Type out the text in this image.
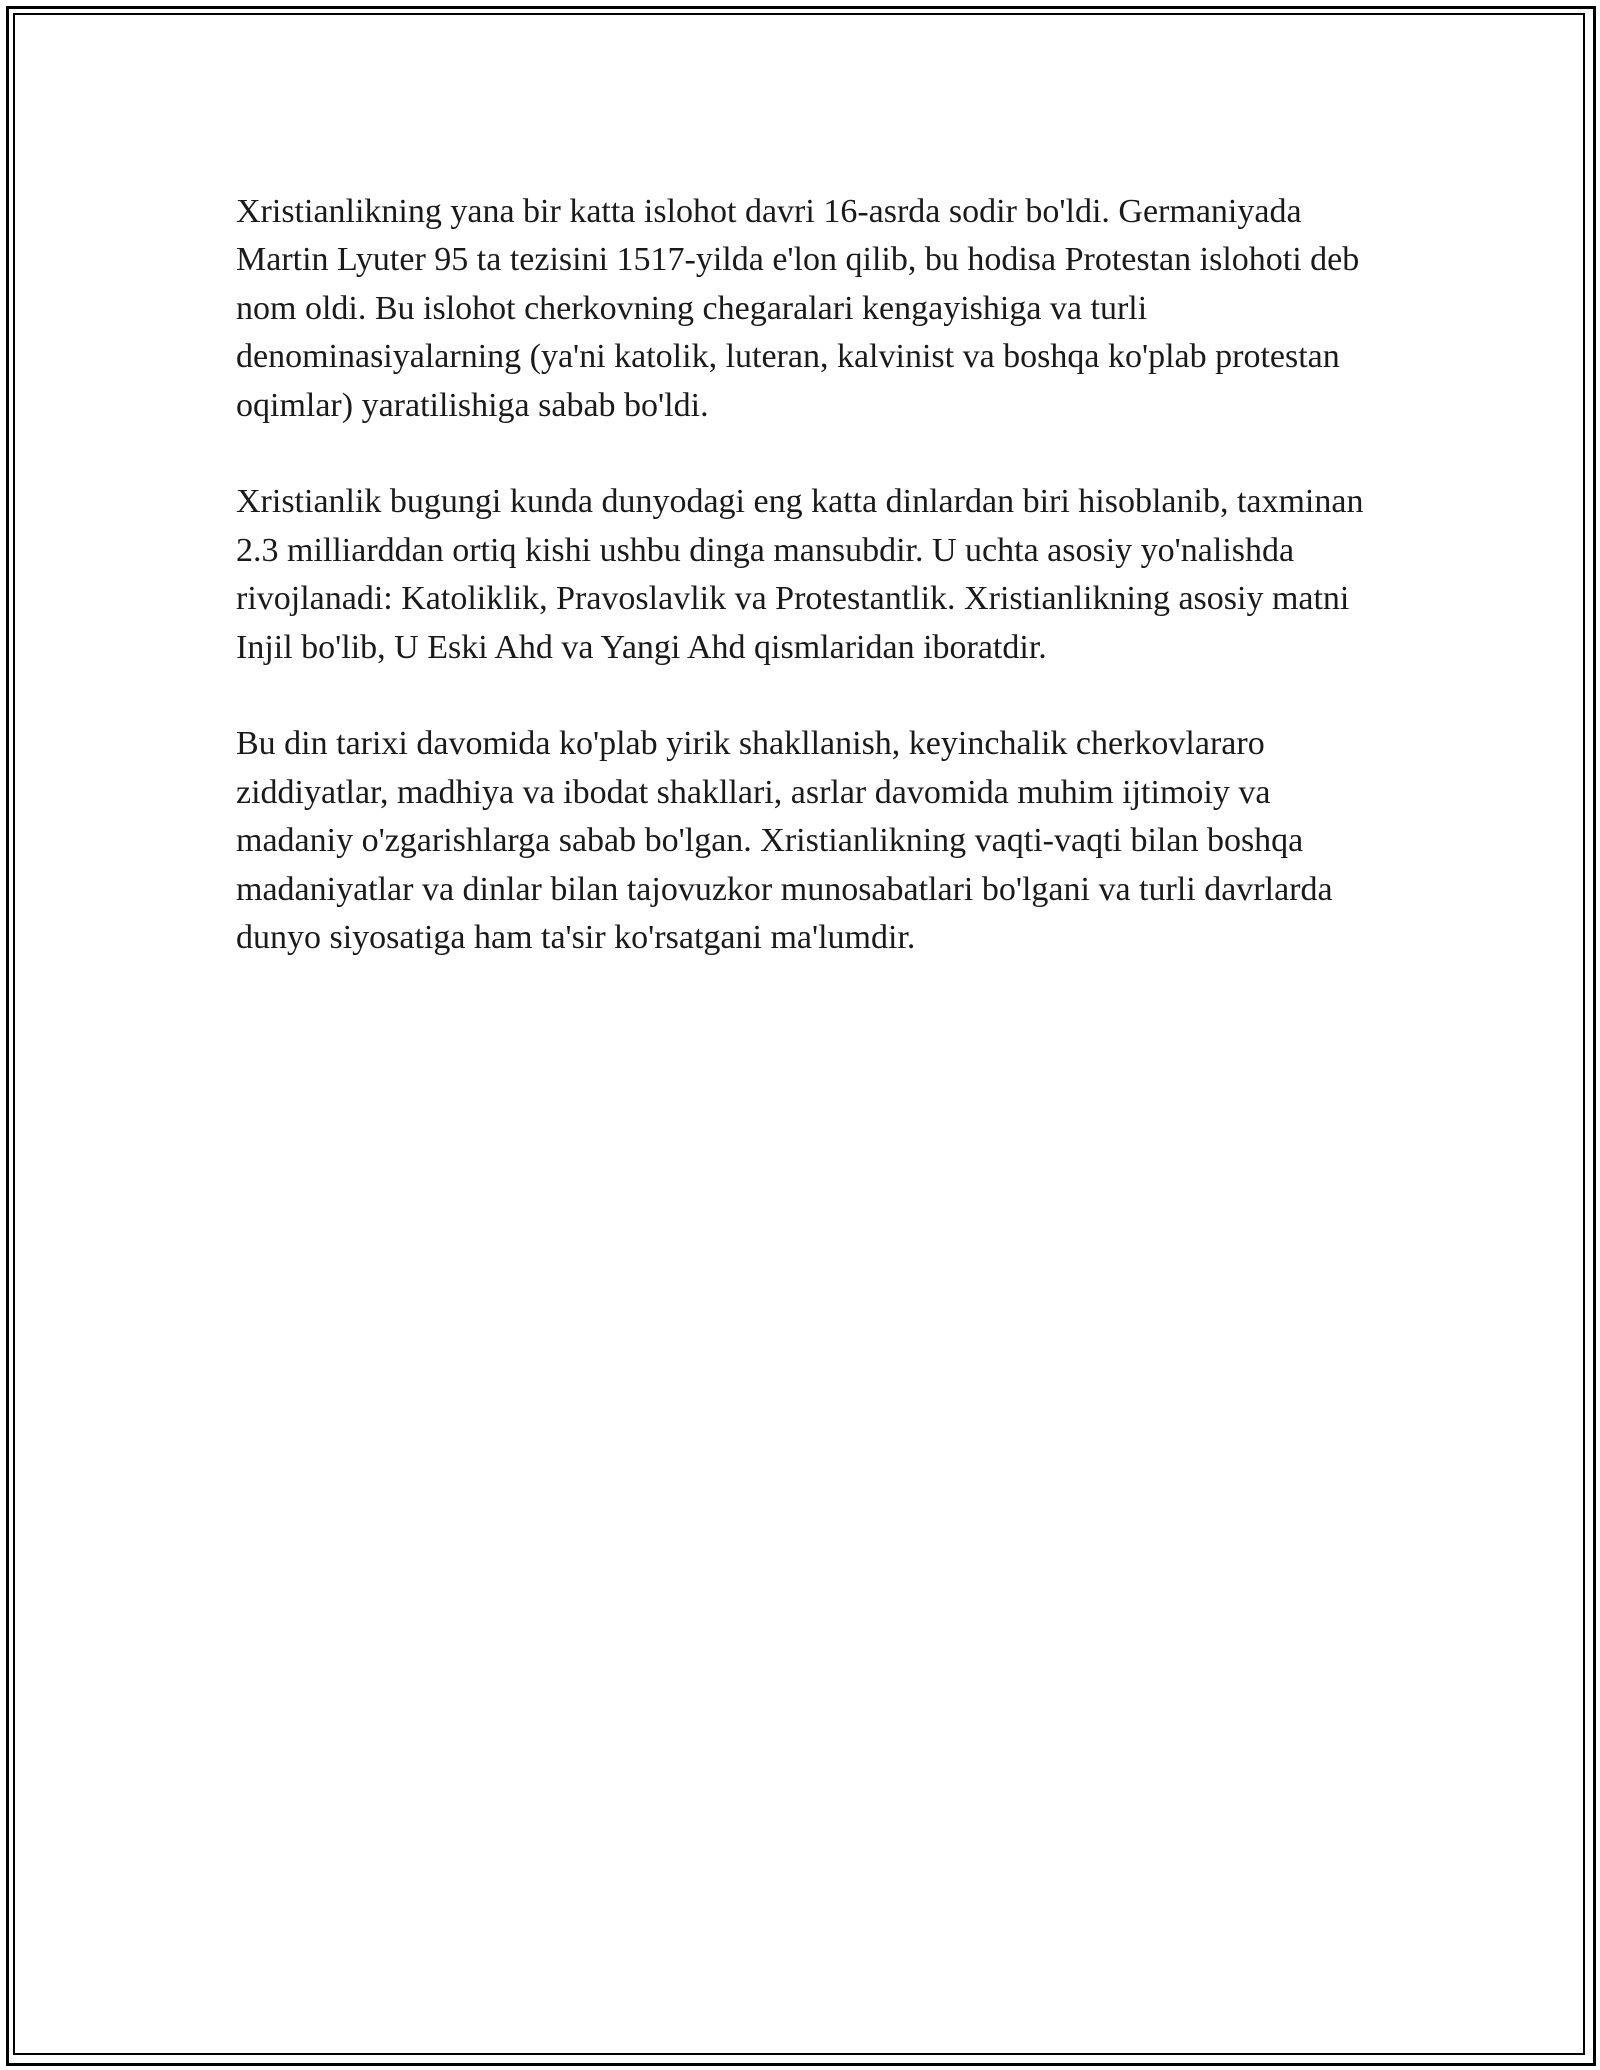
Xristianlikning yana bir katta islohot davri 16-asrda sodir bo'ldi. Germaniyada Martin Lyuter 95 ta tezisini 1517-yilda e'lon qilib, bu hodisa Protestan islohoti deb nom oldi. Bu islohot cherkovning chegaralari kengayishiga va turli denominasiyalarning (ya'ni katolik, luteran, kalvinist va boshqa ko'plab protestan oqimlar) yaratilishiga sabab bo'ldi.

Xristianlik bugungi kunda dunyodagi eng katta dinlardan biri hisoblanib, taxminan 2.3 milliarddan ortiq kishi ushbu dinga mansubdir. U uchta asosiy yo'nalishda rivojlanadi: Katoliklik, Pravoslavlik va Protestantlik. Xristianlikning asosiy matni Injil bo'lib, U Eski Ahd va Yangi Ahd qismlaridan iboratdir.

Bu din tarixi davomida ko'plab yirik shakllanish, keyinchalik cherkovlararo ziddiyatlar, madhiya va ibodat shakllari, asrlar davomida muhim ijtimoiy va madaniy o'zgarishlarga sabab bo'lgan. Xristianlikning vaqti-vaqti bilan boshqa madaniyatlar va dinlar bilan tajovuzkor munosabatlari bo'lgani va turli davrlarda dunyo siyosatiga ham ta'sir ko'rsatgani ma'lumdir.
